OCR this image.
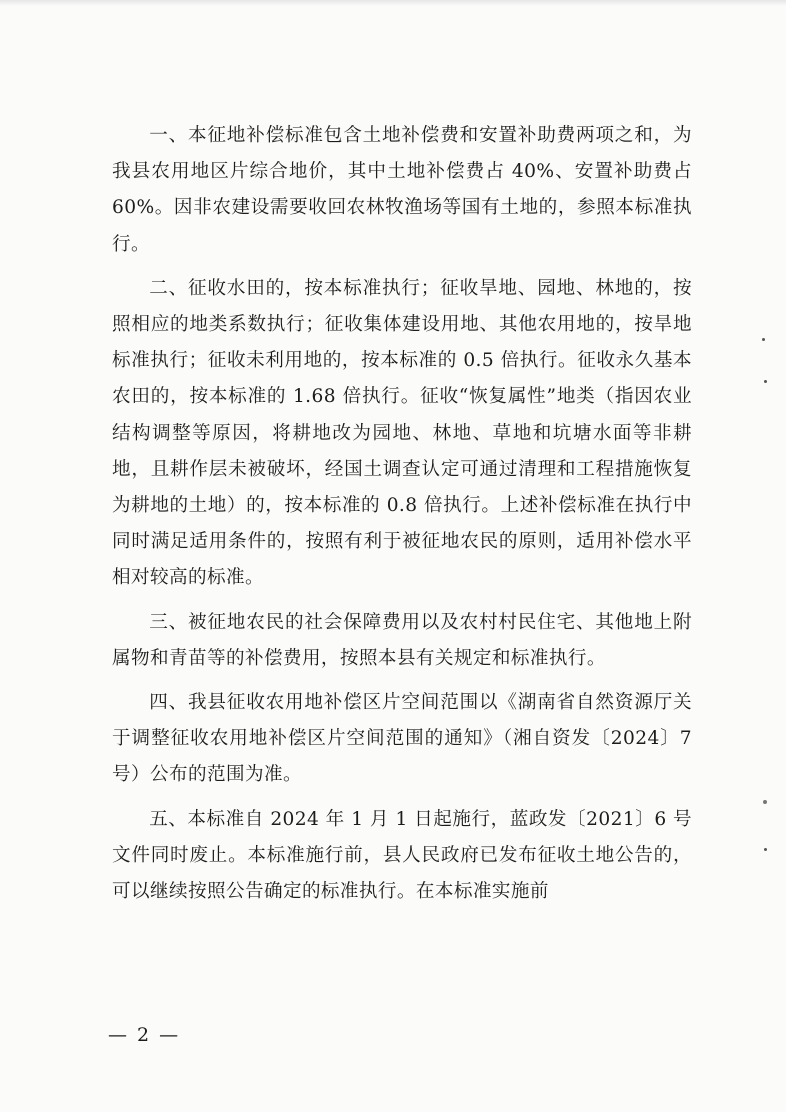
一、本征地补偿标准包含土地补偿费和安置补助费两项之和，为我县农用地区片综合地价，其中土地补偿费占 40%、安置补助费占 60%。因非农建设需要收回农林牧渔场等国有土地的，参照本标准执行。

二、征收水田的，按本标准执行；征收旱地、园地、林地的，按照相应的地类系数执行；征收集体建设用地、其他农用地的，按旱地标准执行；征收未利用地的，按本标准的 0.5 倍执行。征收永久基本农田的，按本标准的 1.68 倍执行。征收“恢复属性”地类（指因农业结构调整等原因，将耕地改为园地、林地、草地和坑塘水面等非耕地，且耕作层未被破坏，经国土调查认定可通过清理和工程措施恢复为耕地的土地）的，按本标准的 0.8 倍执行。上述补偿标准在执行中同时满足适用条件的，按照有利于被征地农民的原则，适用补偿水平相对较高的标准。

三、被征地农民的社会保障费用以及农村村民住宅、其他地上附属物和青苗等的补偿费用，按照本县有关规定和标准执行。

四、我县征收农用地补偿区片空间范围以《湖南省自然资源厅关于调整征收农用地补偿区片空间范围的通知》（湘自资发〔2024〕7 号）公布的范围为准。

五、本标准自 2024 年 1 月 1 日起施行，蓝政发〔2021〕6 号文件同时废止。本标准施行前，县人民政府已发布征收土地公告的，可以继续按照公告确定的标准执行。在本标准实施前

— 2 —
